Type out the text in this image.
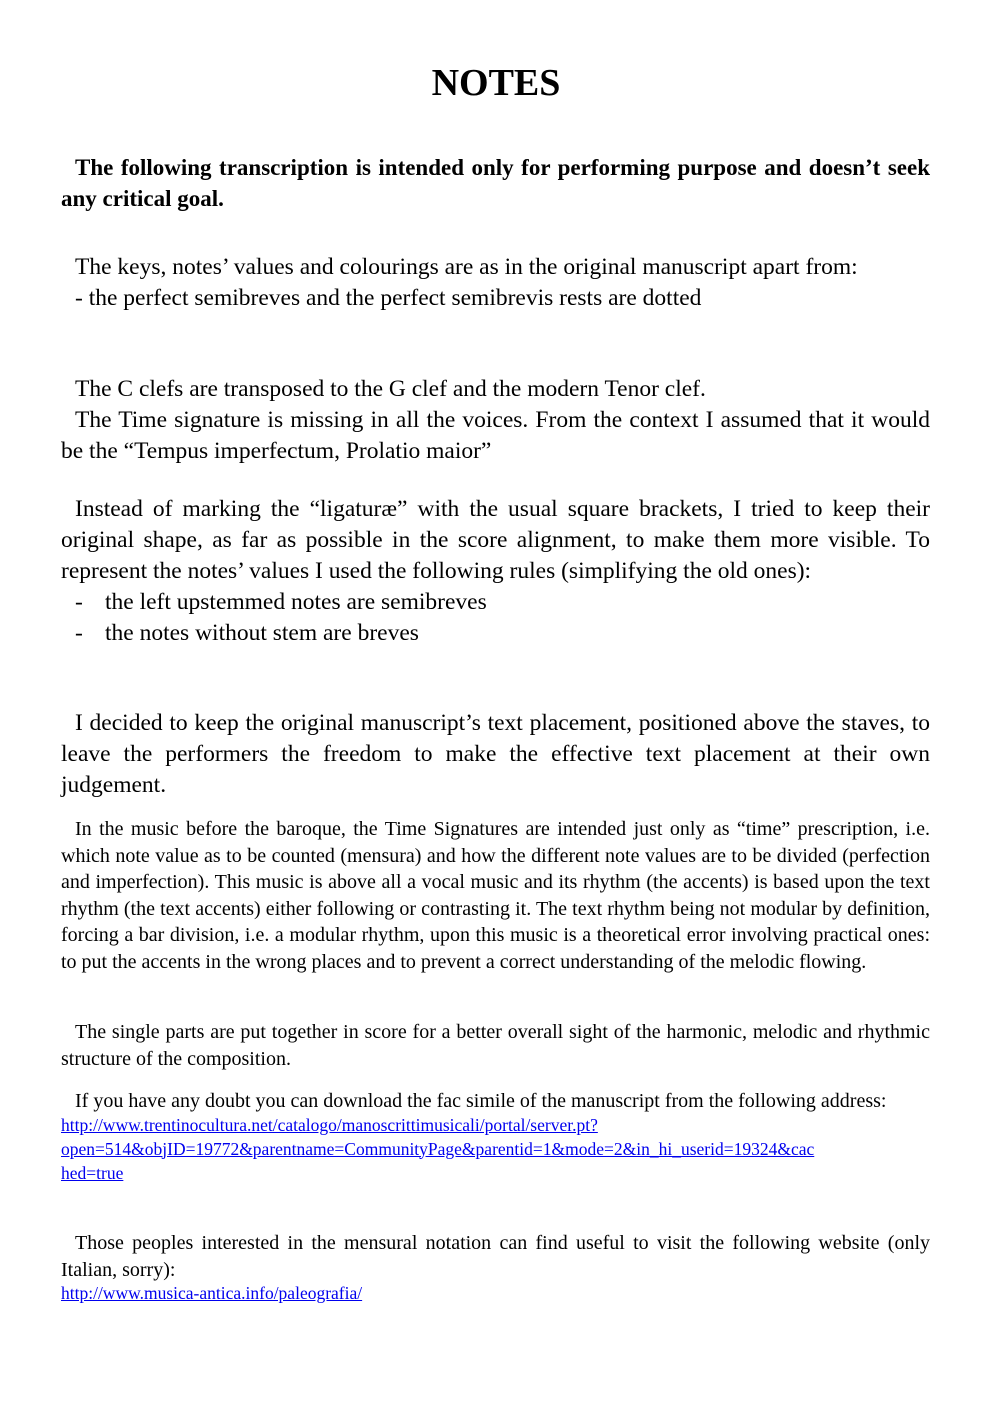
NOTES

The following transcription is intended only for performing purpose and doesn’t seek any critical goal.

The keys, notes’ values and colourings are as in the original manuscript apart from:

- the perfect semibreves and the perfect semibrevis rests are dotted
The C clefs are transposed to the G clef and the modern Tenor clef.

The Time signature is missing in all the voices. From the context I assumed that it would be the “Tempus imperfectum, Prolatio maior”

Instead of marking the “ligaturæ” with the usual square brackets, I tried to keep their original shape, as far as possible in the score alignment, to make them more visible. To represent the notes’ values I used the following rules (simplifying the old ones):

- the left upstemmed notes are semibreves
- the notes without stem are breves

I decided to keep the original manuscript’s text placement, positioned above the staves, to leave the performers the freedom to make the effective text placement at their own judgement.

In the music before the baroque, the Time Signatures are intended just only as “time” prescription, i.e. which note value as to be counted (mensura) and how the different note values are to be divided (perfection and imperfection). This music is above all a vocal music and its rhythm (the accents) is based upon the text rhythm (the text accents) either following or contrasting it. The text rhythm being not modular by definition, forcing a bar division, i.e. a modular rhythm, upon this music is a theoretical error involving practical ones: to put the accents in the wrong places and to prevent a correct understanding of the melodic flowing.

The single parts are put together in score for a better overall sight of the harmonic, melodic and rhythmic structure of the composition.

If you have any doubt you can download the fac simile of the manuscript from the following address:

http://www.trentinocultura.net/catalogo/manoscrittimusicali/portal/server.pt?
open=514&objID=19772&parentname=CommunityPage&parentid=1&mode=2&in_hi_userid=19324&cac
hed=true

Those peoples interested in the mensural notation can find useful to visit the following website (only Italian, sorry):

http://www.musica-antica.info/paleografia/
